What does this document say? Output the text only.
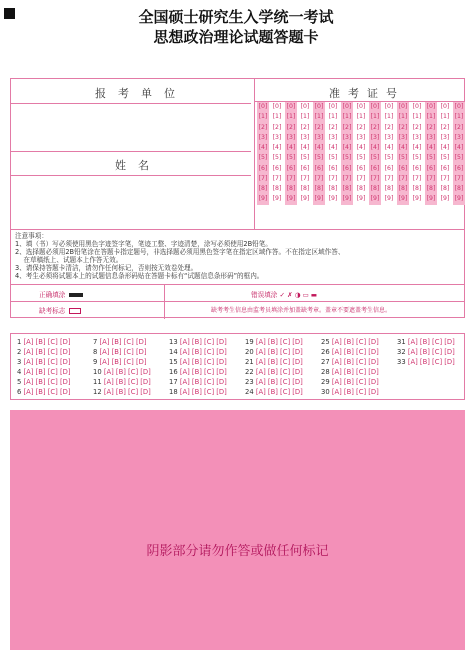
全国硕士研究生入学统一考试
思想政治理论试题答题卡
报考单位
姓名
准考证号
注意事项：
1、填（书）写必须使用黑色字迹签字笔，笔迹工整、字迹清楚，涂写必须使用2B铅笔。
2、选择题必须用2B铅笔涂在答题卡指定题号，非选择题必须用黑色签字笔在指定区域作答。不在指定区域作答、
在草稿纸上、试题本上作答无效。
3、请保持答题卡清洁，请勿作任何标记，否则按无效卷处理。
4、考生必须将试题本上的试题信息条形码贴在答题卡标有“试题信息条形码”的框内。
正确填涂	错误填涂 ✓ ✗ ◑ ▭ ▬
缺考标志	缺考考生信息由监考员填涂并加盖缺考章。盖章不要遮盖考生信息。
[0]
[1]
[2]
[3]
[4]
[5]
[6]
[7]
[8]
[9]
[0]
[1]
[2]
[3]
[4]
[5]
[6]
[7]
[8]
[9]
[0]
[1]
[2]
[3]
[4]
[5]
[6]
[7]
[8]
[9]
[0]
[1]
[2]
[3]
[4]
[5]
[6]
[7]
[8]
[9]
[0]
[1]
[2]
[3]
[4]
[5]
[6]
[7]
[8]
[9]
[0]
[1]
[2]
[3]
[4]
[5]
[6]
[7]
[8]
[9]
[0]
[1]
[2]
[3]
[4]
[5]
[6]
[7]
[8]
[9]
[0]
[1]
[2]
[3]
[4]
[5]
[6]
[7]
[8]
[9]
[0]
[1]
[2]
[3]
[4]
[5]
[6]
[7]
[8]
[9]
[0]
[1]
[2]
[3]
[4]
[5]
[6]
[7]
[8]
[9]
[0]
[1]
[2]
[3]
[4]
[5]
[6]
[7]
[8]
[9]
[0]
[1]
[2]
[3]
[4]
[5]
[6]
[7]
[8]
[9]
[0]
[1]
[2]
[3]
[4]
[5]
[6]
[7]
[8]
[9]
[0]
[1]
[2]
[3]
[4]
[5]
[6]
[7]
[8]
[9]
[0]
[1]
[2]
[3]
[4]
[5]
[6]
[7]
[8]
[9]
1 [A] [B] [C] [D]
2 [A] [B] [C] [D]
3 [A] [B] [C] [D]
4 [A] [B] [C] [D]
5 [A] [B] [C] [D]
6 [A] [B] [C] [D]
7 [A] [B] [C] [D]
8 [A] [B] [C] [D]
9 [A] [B] [C] [D]
10 [A] [B] [C] [D]
11 [A] [B] [C] [D]
12 [A] [B] [C] [D]
13 [A] [B] [C] [D]
14 [A] [B] [C] [D]
15 [A] [B] [C] [D]
16 [A] [B] [C] [D]
17 [A] [B] [C] [D]
18 [A] [B] [C] [D]
19 [A] [B] [C] [D]
20 [A] [B] [C] [D]
21 [A] [B] [C] [D]
22 [A] [B] [C] [D]
23 [A] [B] [C] [D]
24 [A] [B] [C] [D]
25 [A] [B] [C] [D]
26 [A] [B] [C] [D]
27 [A] [B] [C] [D]
28 [A] [B] [C] [D]
29 [A] [B] [C] [D]
30 [A] [B] [C] [D]
31 [A] [B] [C] [D]
32 [A] [B] [C] [D]
33 [A] [B] [C] [D]
阴影部分请勿作答或做任何标记
